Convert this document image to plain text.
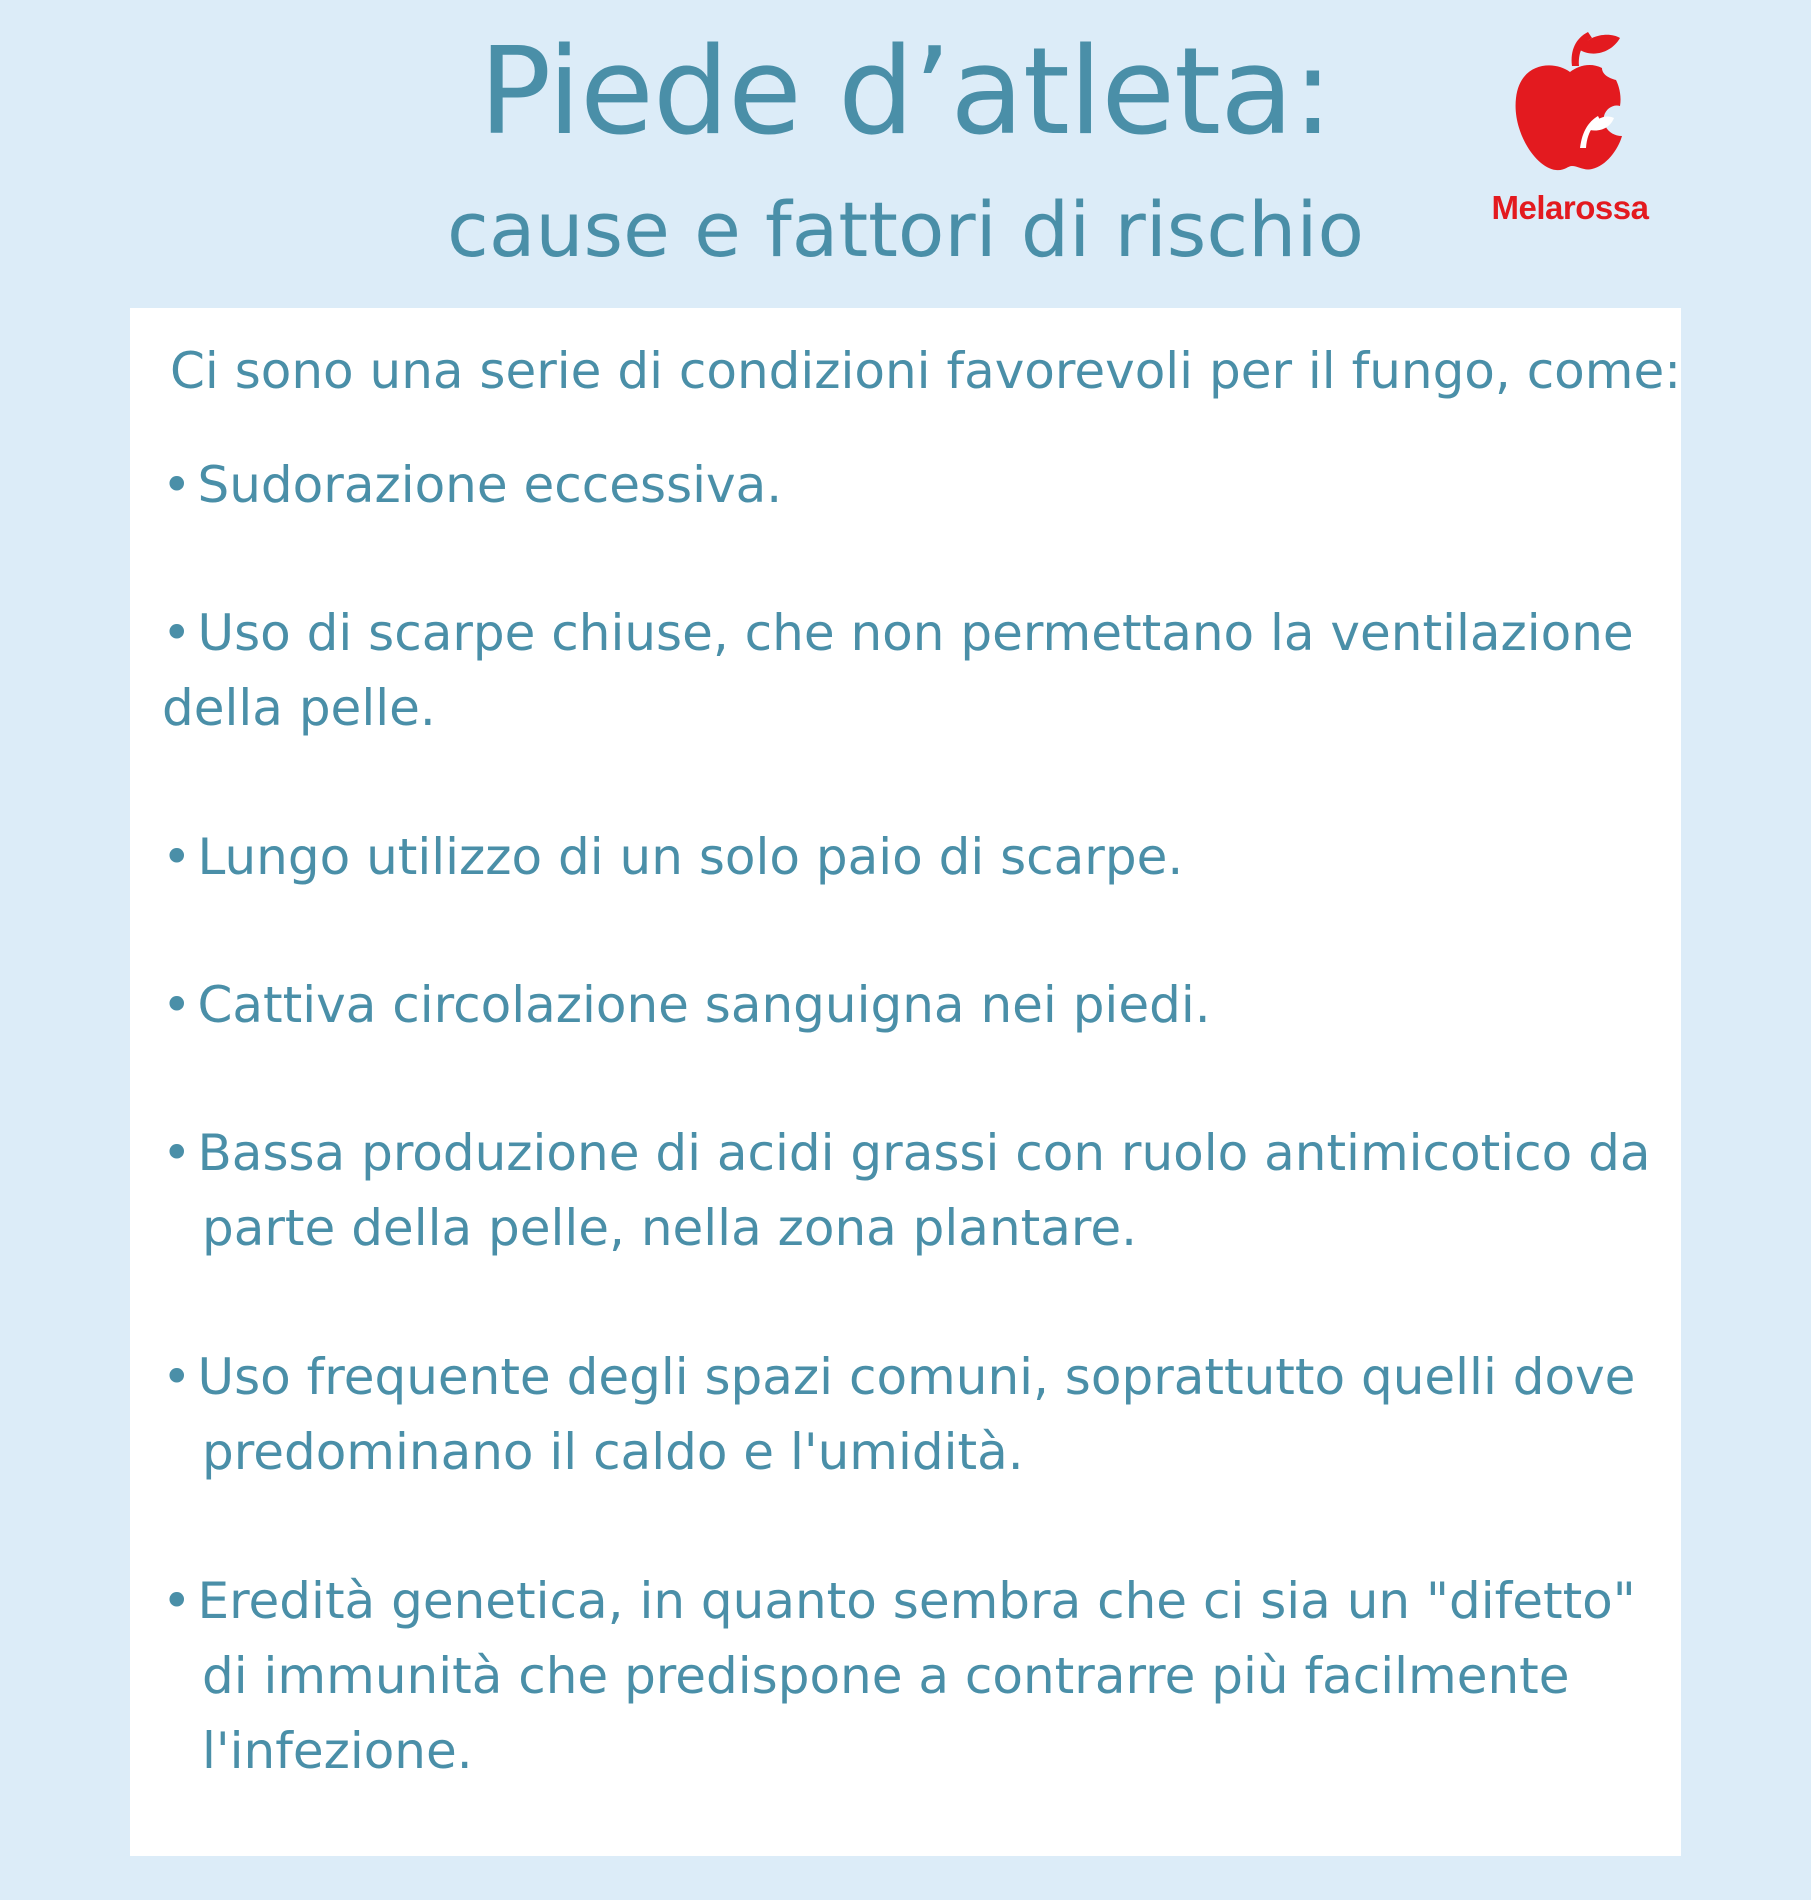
Piede d’atleta:
cause e fattori di rischio	Melarossa
Ci sono una serie di condizioni favorevoli per il fungo, come:
• Sudorazione eccessiva.
• Uso di scarpe chiuse, che non permettano la ventilazione
della pelle.
• Lungo utilizzo di un solo paio di scarpe.
• Cattiva circolazione sanguigna nei piedi.
• Bassa produzione di acidi grassi con ruolo antimicotico da
parte della pelle, nella zona plantare.
• Uso frequente degli spazi comuni, soprattutto quelli dove
predominano il caldo e l'umidità.
• Eredità genetica, in quanto sembra che ci sia un "difetto"
di immunità che predispone a contrarre più facilmente
l'infezione.
